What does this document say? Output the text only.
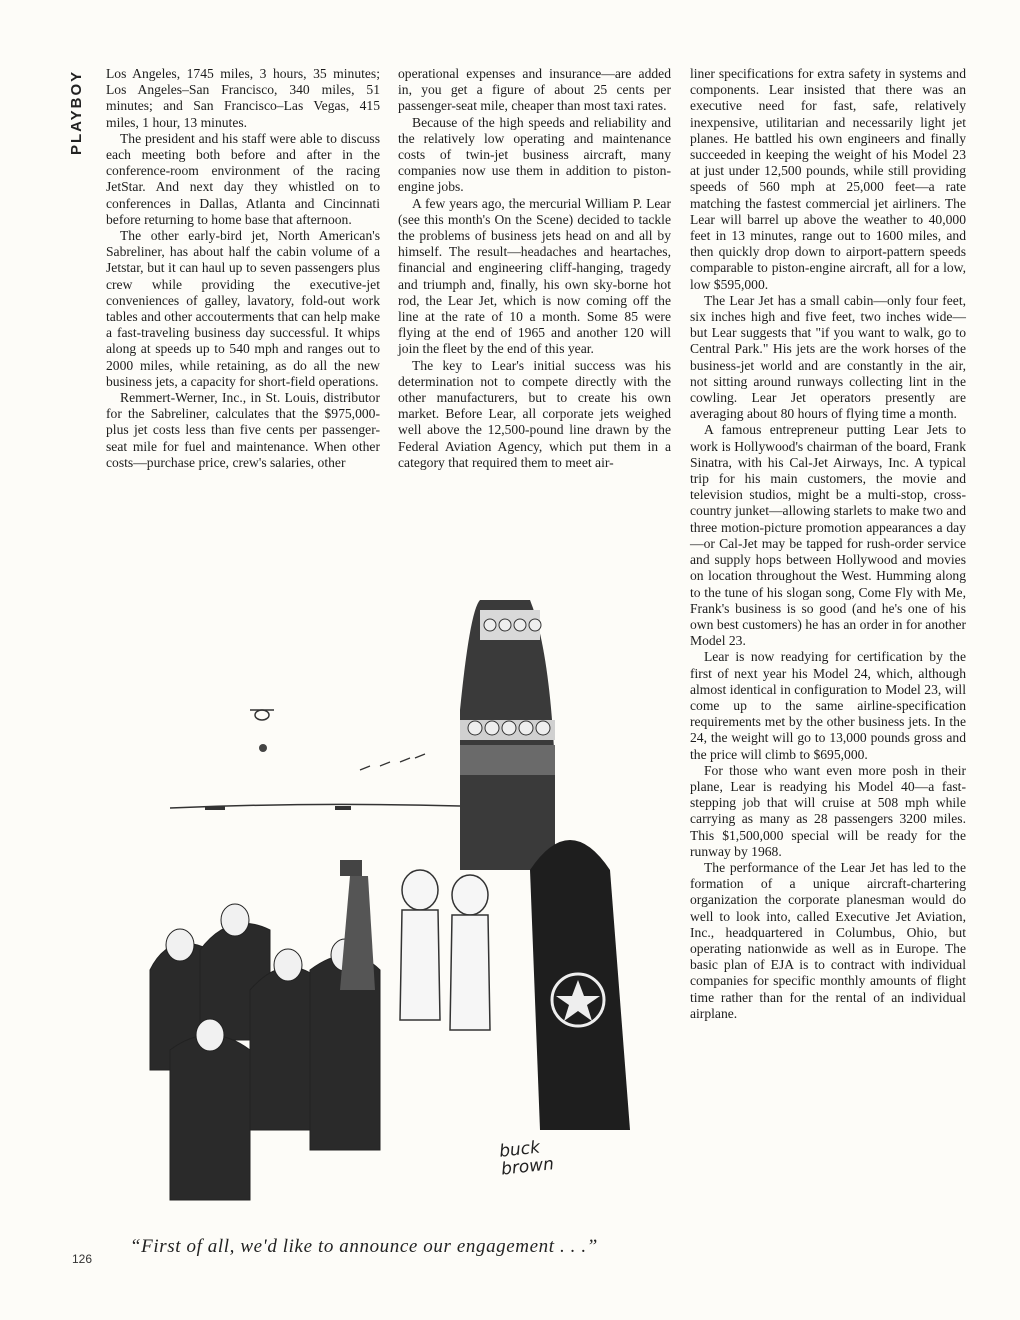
PLAYBOY	Los Angeles, 1745 miles, 3 hours, 35 minutes; Los Angeles–San Francisco, 340 miles, 51 minutes; and San Francisco–Las Vegas, 415 miles, 1 hour, 13 minutes.

The president and his staff were able to discuss each meeting both before and after in the conference-room environment of the racing JetStar. And next day they whistled on to conferences in Dallas, Atlanta and Cincinnati before returning to home base that afternoon.

The other early-bird jet, North American's Sabreliner, has about half the cabin volume of a Jetstar, but it can haul up to seven passengers plus crew while providing the executive-jet conveniences of galley, lavatory, fold-out work tables and other accouterments that can help make a fast-traveling business day successful. It whips along at speeds up to 540 mph and ranges out to 2000 miles, while retaining, as do all the new business jets, a capacity for short-field operations.

Remmert-Werner, Inc., in St. Louis, distributor for the Sabreliner, calculates that the $975,000-plus jet costs less than five cents per passenger-seat mile for fuel and maintenance. When other costs—purchase price, crew's salaries, other

operational expenses and insurance—are added in, you get a figure of about 25 cents per passenger-seat mile, cheaper than most taxi rates.

Because of the high speeds and reliability and the relatively low operating and maintenance costs of twin-jet business aircraft, many companies now use them in addition to piston-engine jobs.

A few years ago, the mercurial William P. Lear (see this month's On the Scene) decided to tackle the problems of business jets head on and all by himself. The result—headaches and heartaches, financial and engineering cliff-hanging, tragedy and triumph and, finally, his own sky-borne hot rod, the Lear Jet, which is now coming off the line at the rate of 10 a month. Some 85 were flying at the end of 1965 and another 120 will join the fleet by the end of this year.

The key to Lear's initial success was his determination not to compete directly with the other manufacturers, but to create his own market. Before Lear, all corporate jets weighed well above the 12,500-pound line drawn by the Federal Aviation Agency, which put them in a category that required them to meet air-

liner specifications for extra safety in systems and components. Lear insisted that there was an executive need for fast, safe, relatively inexpensive, utilitarian and necessarily light jet planes. He battled his own engineers and finally succeeded in keeping the weight of his Model 23 at just under 12,500 pounds, while still providing speeds of 560 mph at 25,000 feet—a rate matching the fastest commercial jet airliners. The Lear will barrel up above the weather to 40,000 feet in 13 minutes, range out to 1600 miles, and then quickly drop down to airport-pattern speeds comparable to piston-engine aircraft, all for a low, low $595,000.

The Lear Jet has a small cabin—only four feet, six inches high and five feet, two inches wide—but Lear suggests that "if you want to walk, go to Central Park." His jets are the work horses of the business-jet world and are constantly in the air, not sitting around runways collecting lint in the cowling. Lear Jet operators presently are averaging about 80 hours of flying time a month.

A famous entrepreneur putting Lear Jets to work is Hollywood's chairman of the board, Frank Sinatra, with his Cal-Jet Airways, Inc. A typical trip for his main customers, the movie and television studios, might be a multi-stop, cross-country junket—allowing starlets to make two and three motion-picture promotion appearances a day—or Cal-Jet may be tapped for rush-order service and supply hops between Hollywood and movies on location throughout the West. Humming along to the tune of his slogan song, Come Fly with Me, Frank's business is so good (and he's one of his own best customers) he has an order in for another Model 23.

Lear is now readying for certification by the first of next year his Model 24, which, although almost identical in configuration to Model 23, will come up to the same airline-specification requirements met by the other business jets. In the 24, the weight will go to 13,000 pounds gross and the price will climb to $695,000.

For those who want even more posh in their plane, Lear is readying his Model 40—a fast-stepping job that will cruise at 508 mph while carrying as many as 28 passengers 3200 miles. This $1,500,000 special will be ready for the runway by 1968.

The performance of the Lear Jet has led to the formation of a unique aircraft-chartering organization the corporate planesman would do well to look into, called Executive Jet Aviation, Inc., headquartered in Columbus, Ohio, but operating nationwide as well as in Europe. The basic plan of EJA is to contract with individual companies for specific monthly amounts of flight time rather than for the rental of an individual airplane.

buck brown
“First of all, we'd like to announce our engagement . . .”
126
